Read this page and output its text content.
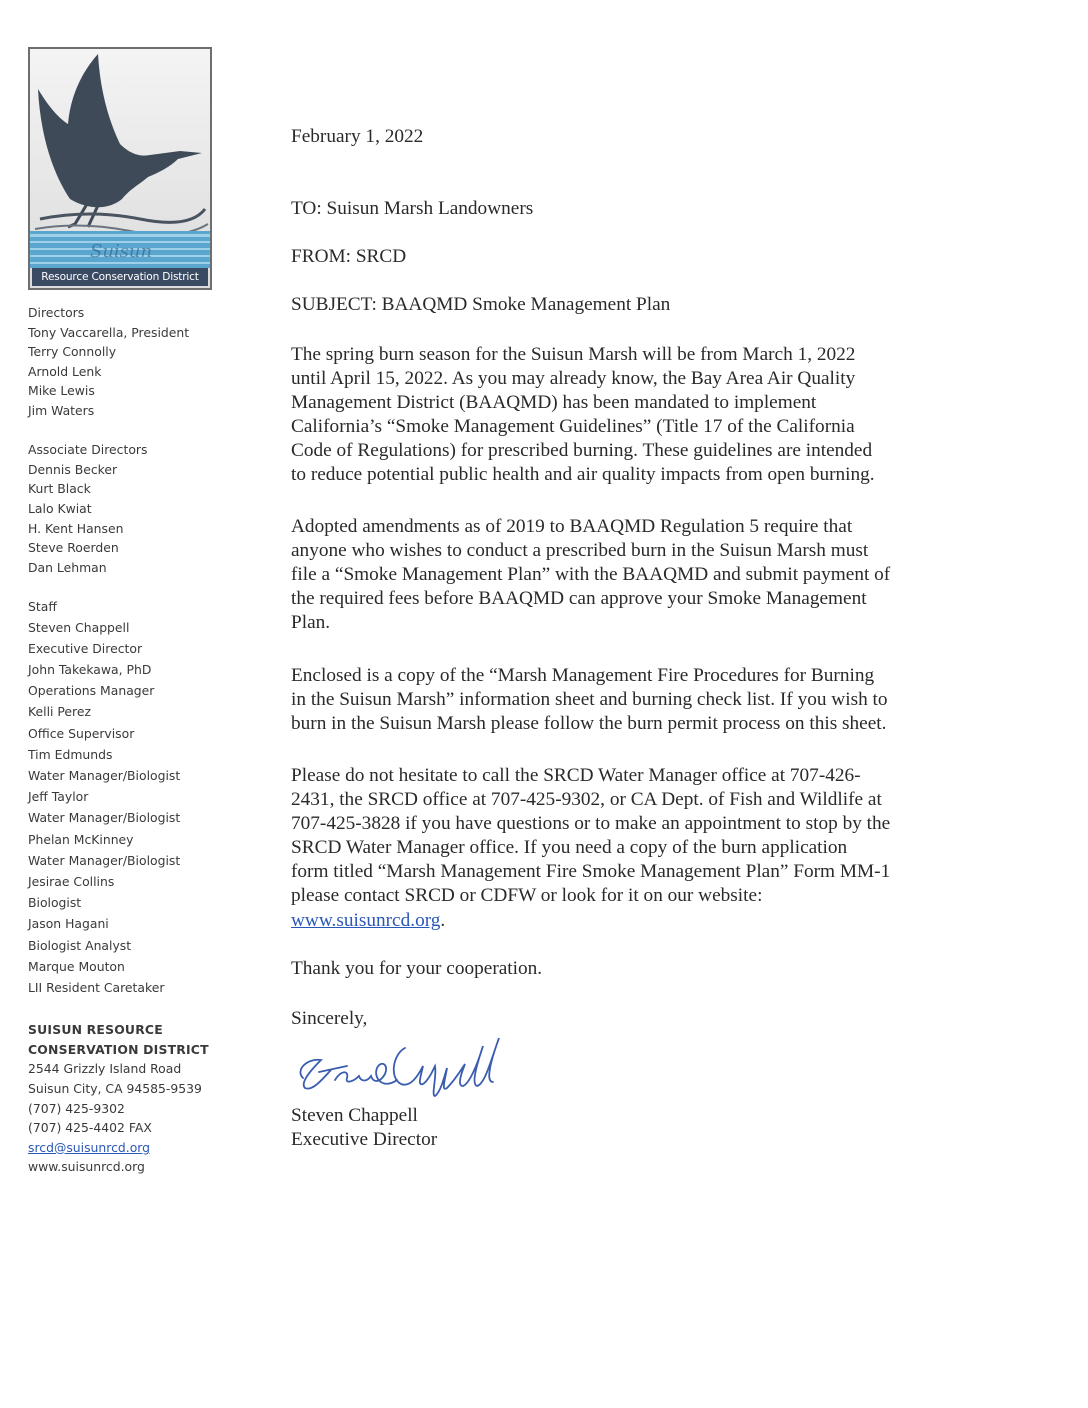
Suisun
Resource Conservation District
Directors
Tony Vaccarella, President
Terry Connolly
Arnold Lenk
Mike Lewis
Jim Waters
Associate Directors
Dennis Becker
Kurt Black
Lalo Kwiat
H. Kent Hansen
Steve Roerden
Dan Lehman
Staff
Steven Chappell
Executive Director
John Takekawa, PhD
Operations Manager
Kelli Perez
Office Supervisor
Tim Edmunds
Water Manager/Biologist
Jeff Taylor
Water Manager/Biologist
Phelan McKinney
Water Manager/Biologist
Jesirae Collins
Biologist
Jason Hagani
Biologist Analyst
Marque Mouton
LII Resident Caretaker
SUISUN RESOURCE
CONSERVATION DISTRICT
2544 Grizzly Island Road
Suisun City, CA 94585-9539
(707) 425-9302
(707) 425-4402 FAX
srcd@suisunrcd.org
www.suisunrcd.org
February 1, 2022
TO: Suisun Marsh Landowners
FROM: SRCD
SUBJECT: BAAQMD Smoke Management Plan
The spring burn season for the Suisun Marsh will be from March 1, 2022
until April 15, 2022. As you may already know, the Bay Area Air Quality
Management District (BAAQMD) has been mandated to implement
California’s “Smoke Management Guidelines” (Title 17 of the California
Code of Regulations) for prescribed burning. These guidelines are intended
to reduce potential public health and air quality impacts from open burning.
Adopted amendments as of 2019 to BAAQMD Regulation 5 require that
anyone who wishes to conduct a prescribed burn in the Suisun Marsh must
file a “Smoke Management Plan” with the BAAQMD and submit payment of
the required fees before BAAQMD can approve your Smoke Management
Plan.
Enclosed is a copy of the “Marsh Management Fire Procedures for Burning
in the Suisun Marsh” information sheet and burning check list. If you wish to
burn in the Suisun Marsh please follow the burn permit process on this sheet.
Please do not hesitate to call the SRCD Water Manager office at 707-426-
2431, the SRCD office at 707-425-9302, or CA Dept. of Fish and Wildlife at
707-425-3828 if you have questions or to make an appointment to stop by the
SRCD Water Manager office. If you need a copy of the burn application
form titled “Marsh Management Fire Smoke Management Plan” Form MM-1
please contact SRCD or CDFW or look for it on our website:
www.suisunrcd.org.
Thank you for your cooperation.
Sincerely,
Steven Chappell
Executive Director
